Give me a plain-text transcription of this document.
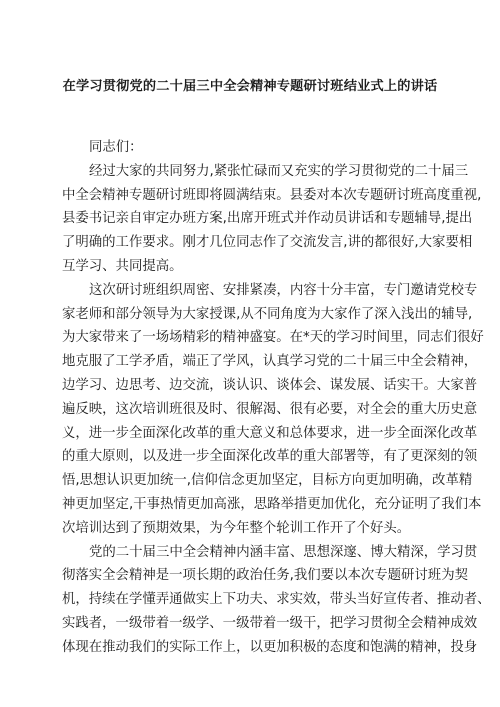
在学习贯彻党的二十届三中全会精神专题研讨班结业式上的讲话
同志们：
经过大家的共同努力,紧张忙碌而又充实的学习贯彻党的二十届三
中全会精神专题研讨班即将圆满结束。县委对本次专题研讨班高度重视,
县委书记亲自审定办班方案,出席开班式并作动员讲话和专题辅导,提出
了明确的工作要求。刚才几位同志作了交流发言,讲的都很好,大家要相
互学习、共同提高。
这次研讨班组织周密、安排紧凑，内容十分丰富，专门邀请党校专
家老师和部分领导为大家授课,从不同角度为大家作了深入浅出的辅导,
为大家带来了一场场精彩的精神盛宴。在*天的学习时间里，同志们很好
地克服了工学矛盾，端正了学风，认真学习党的二十届三中全会精神，
边学习、边思考、边交流，谈认识、谈体会、谋发展、话实干。大家普
遍反映，这次培训班很及时、很解渴、很有必要，对全会的重大历史意
义，进一步全面深化改革的重大意义和总体要求，进一步全面深化改革
的重大原则，以及进一步全面深化改革的重大部署等，有了更深刻的领
悟,思想认识更加统一,信仰信念更加坚定，目标方向更加明确，改革精
神更加坚定,干事热情更加高涨，思路举措更加优化，充分证明了我们本
次培训达到了预期效果，为今年整个轮训工作开了个好头。
党的二十届三中全会精神内涵丰富、思想深邃、博大精深，学习贯
彻落实全会精神是一项长期的政治任务,我们要以本次专题研讨班为契
机，持续在学懂弄通做实上下功夫、求实效，带头当好宣传者、推动者、
实践者，一级带着一级学、一级带着一级干，把学习贯彻全会精神成效
体现在推动我们的实际工作上，以更加积极的态度和饱满的精神，投身
